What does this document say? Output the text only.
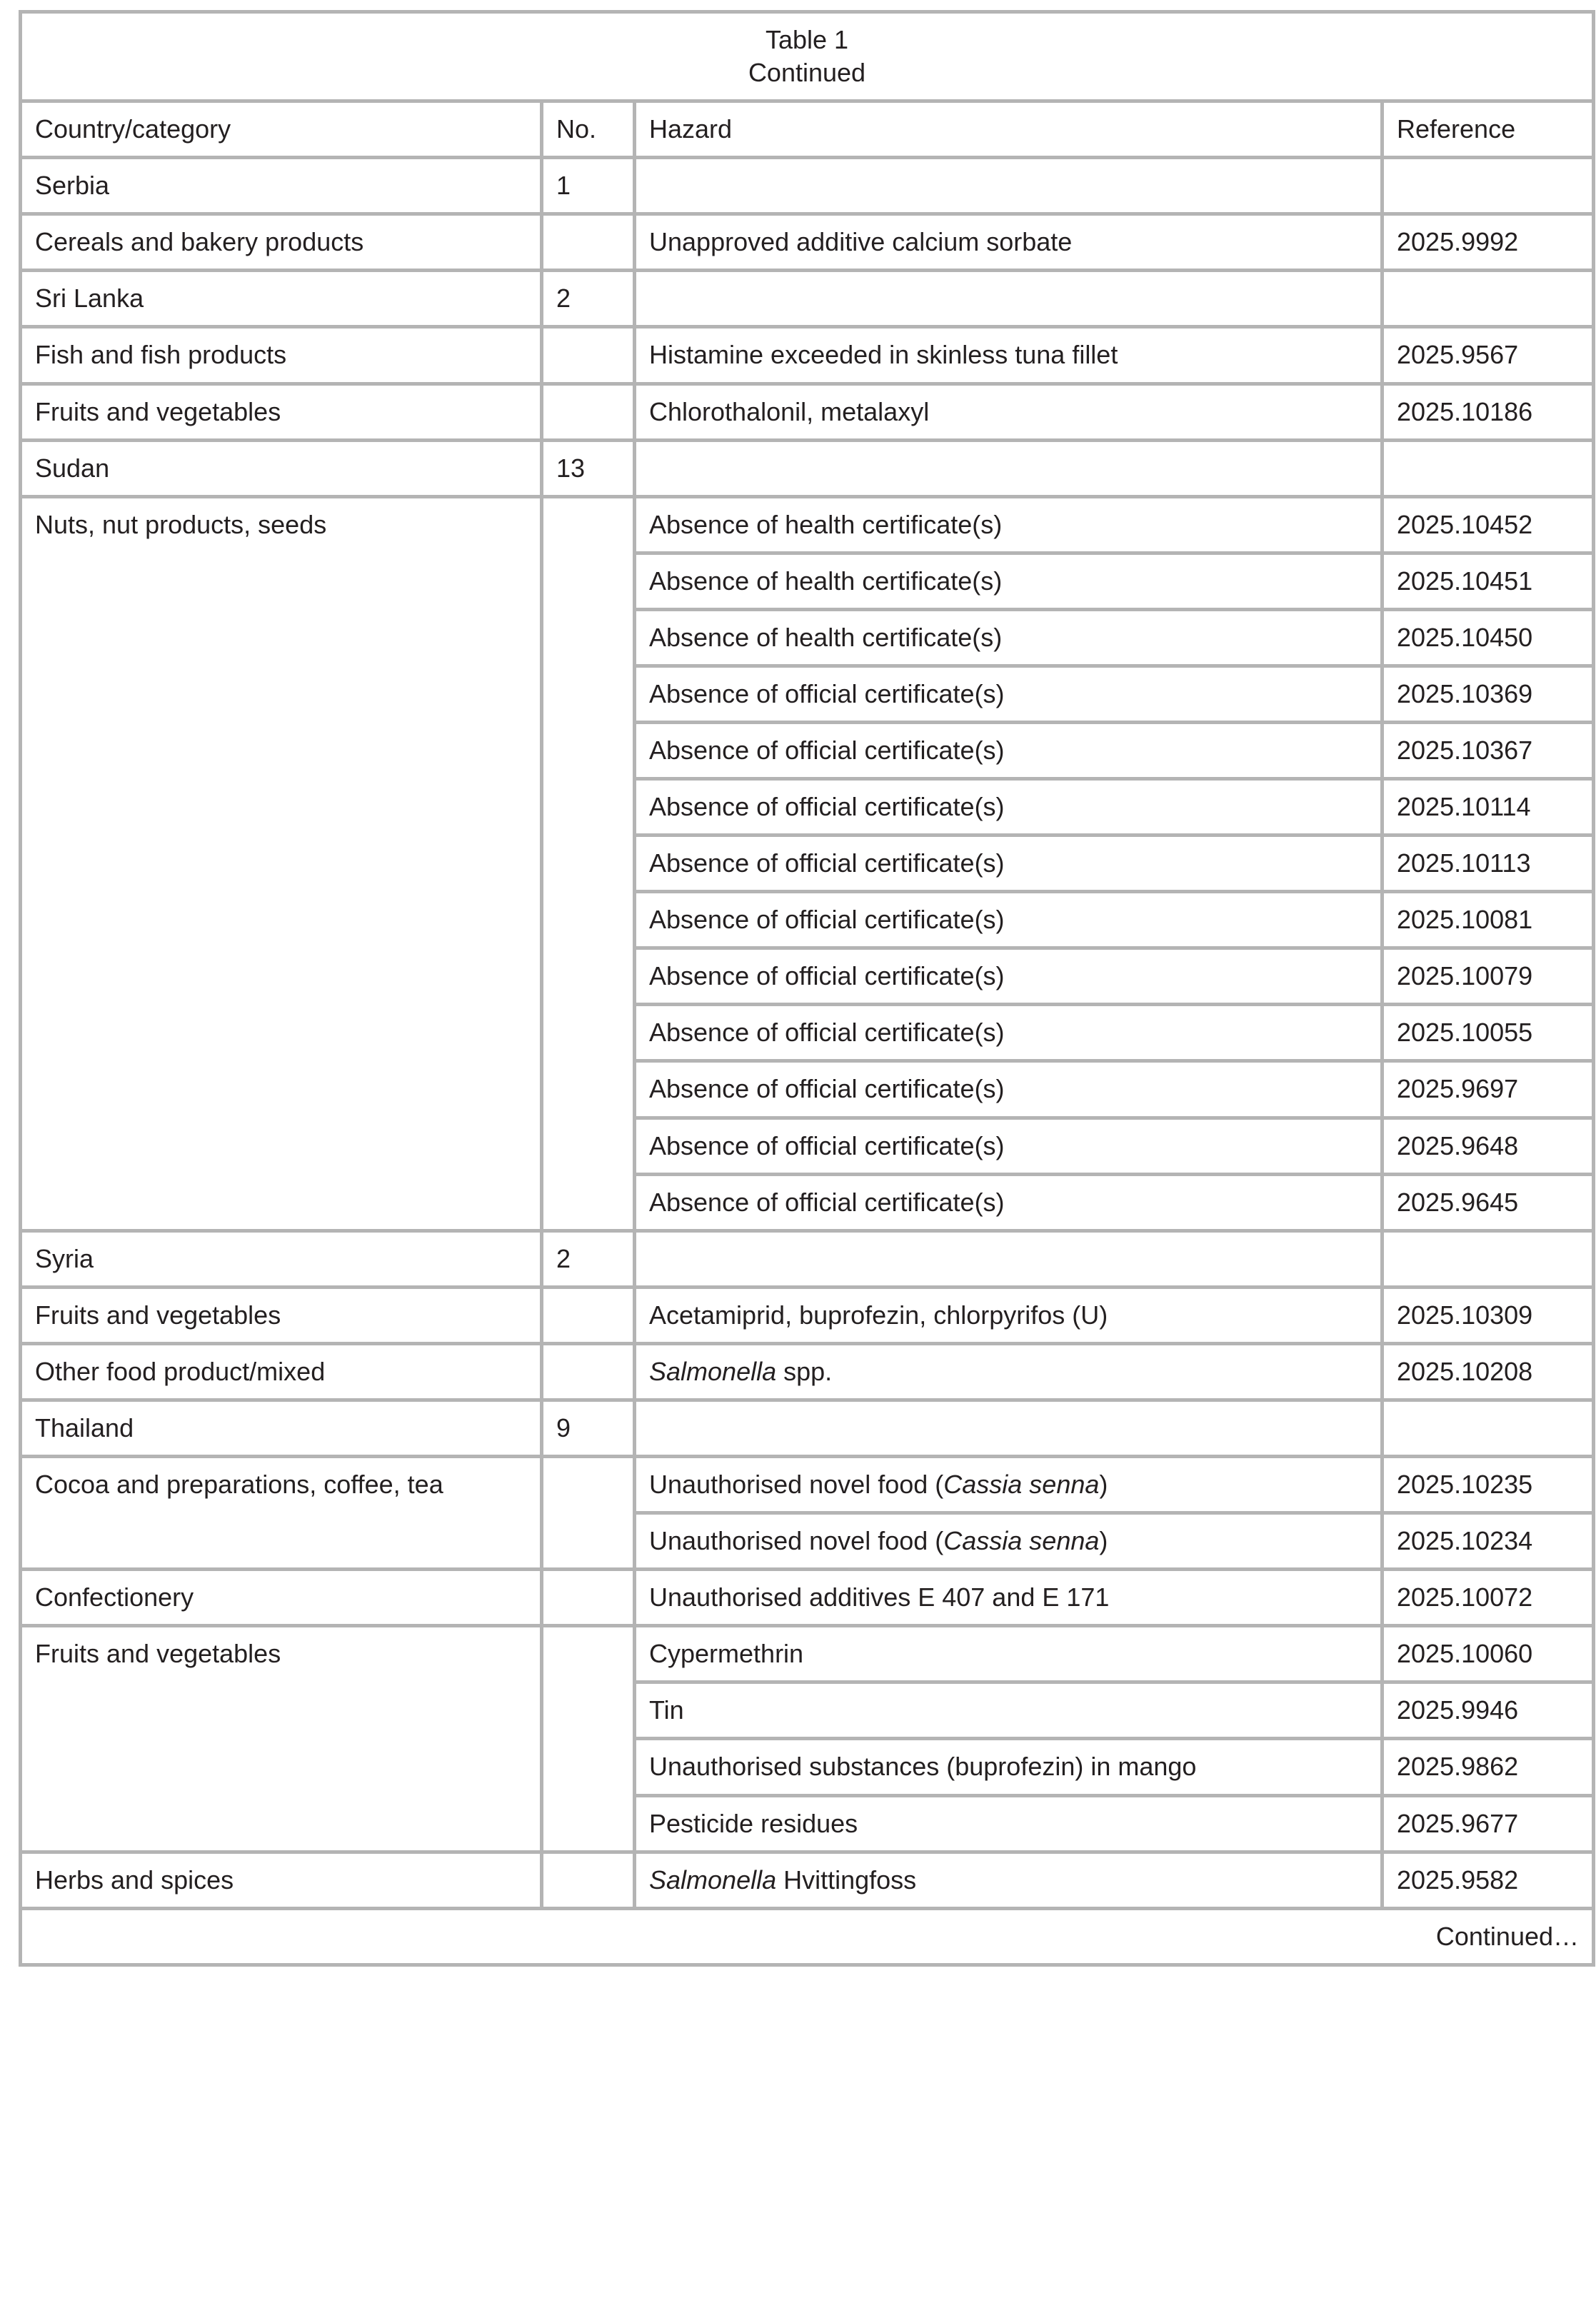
Table 1
Continued			

Country/category	No.	Hazard	Reference
Serbia	1		
Cereals and bakery products		Unapproved additive calcium sorbate	2025.9992
Sri Lanka	2		
Fish and fish products		Histamine exceeded in skinless tuna fillet	2025.9567
Fruits and vegetables		Chlorothalonil, metalaxyl	2025.10186
Sudan	13		
Nuts, nut products, seeds		Absence of health certificate(s)	2025.10452
		Absence of health certificate(s)	2025.10451
		Absence of health certificate(s)	2025.10450
		Absence of official certificate(s)	2025.10369
		Absence of official certificate(s)	2025.10367
		Absence of official certificate(s)	2025.10114
		Absence of official certificate(s)	2025.10113
		Absence of official certificate(s)	2025.10081
		Absence of official certificate(s)	2025.10079
		Absence of official certificate(s)	2025.10055
		Absence of official certificate(s)	2025.9697
		Absence of official certificate(s)	2025.9648
		Absence of official certificate(s)	2025.9645
Syria	2		
Fruits and vegetables		Acetamiprid, buprofezin, chlorpyrifos (U)	2025.10309
Other food product/mixed		Salmonella spp.	2025.10208
Thailand	9		
Cocoa and preparations, coffee, tea		Unauthorised novel food (Cassia senna)	2025.10235
		Unauthorised novel food (Cassia senna)	2025.10234
Confectionery		Unauthorised additives E 407 and E 171	2025.10072
Fruits and vegetables		Cypermethrin	2025.10060
		Tin	2025.9946
		Unauthorised substances (buprofezin) in mango	2025.9862
		Pesticide residues	2025.9677
Herbs and spices		Salmonella Hvittingfoss	2025.9582
Continued…			
